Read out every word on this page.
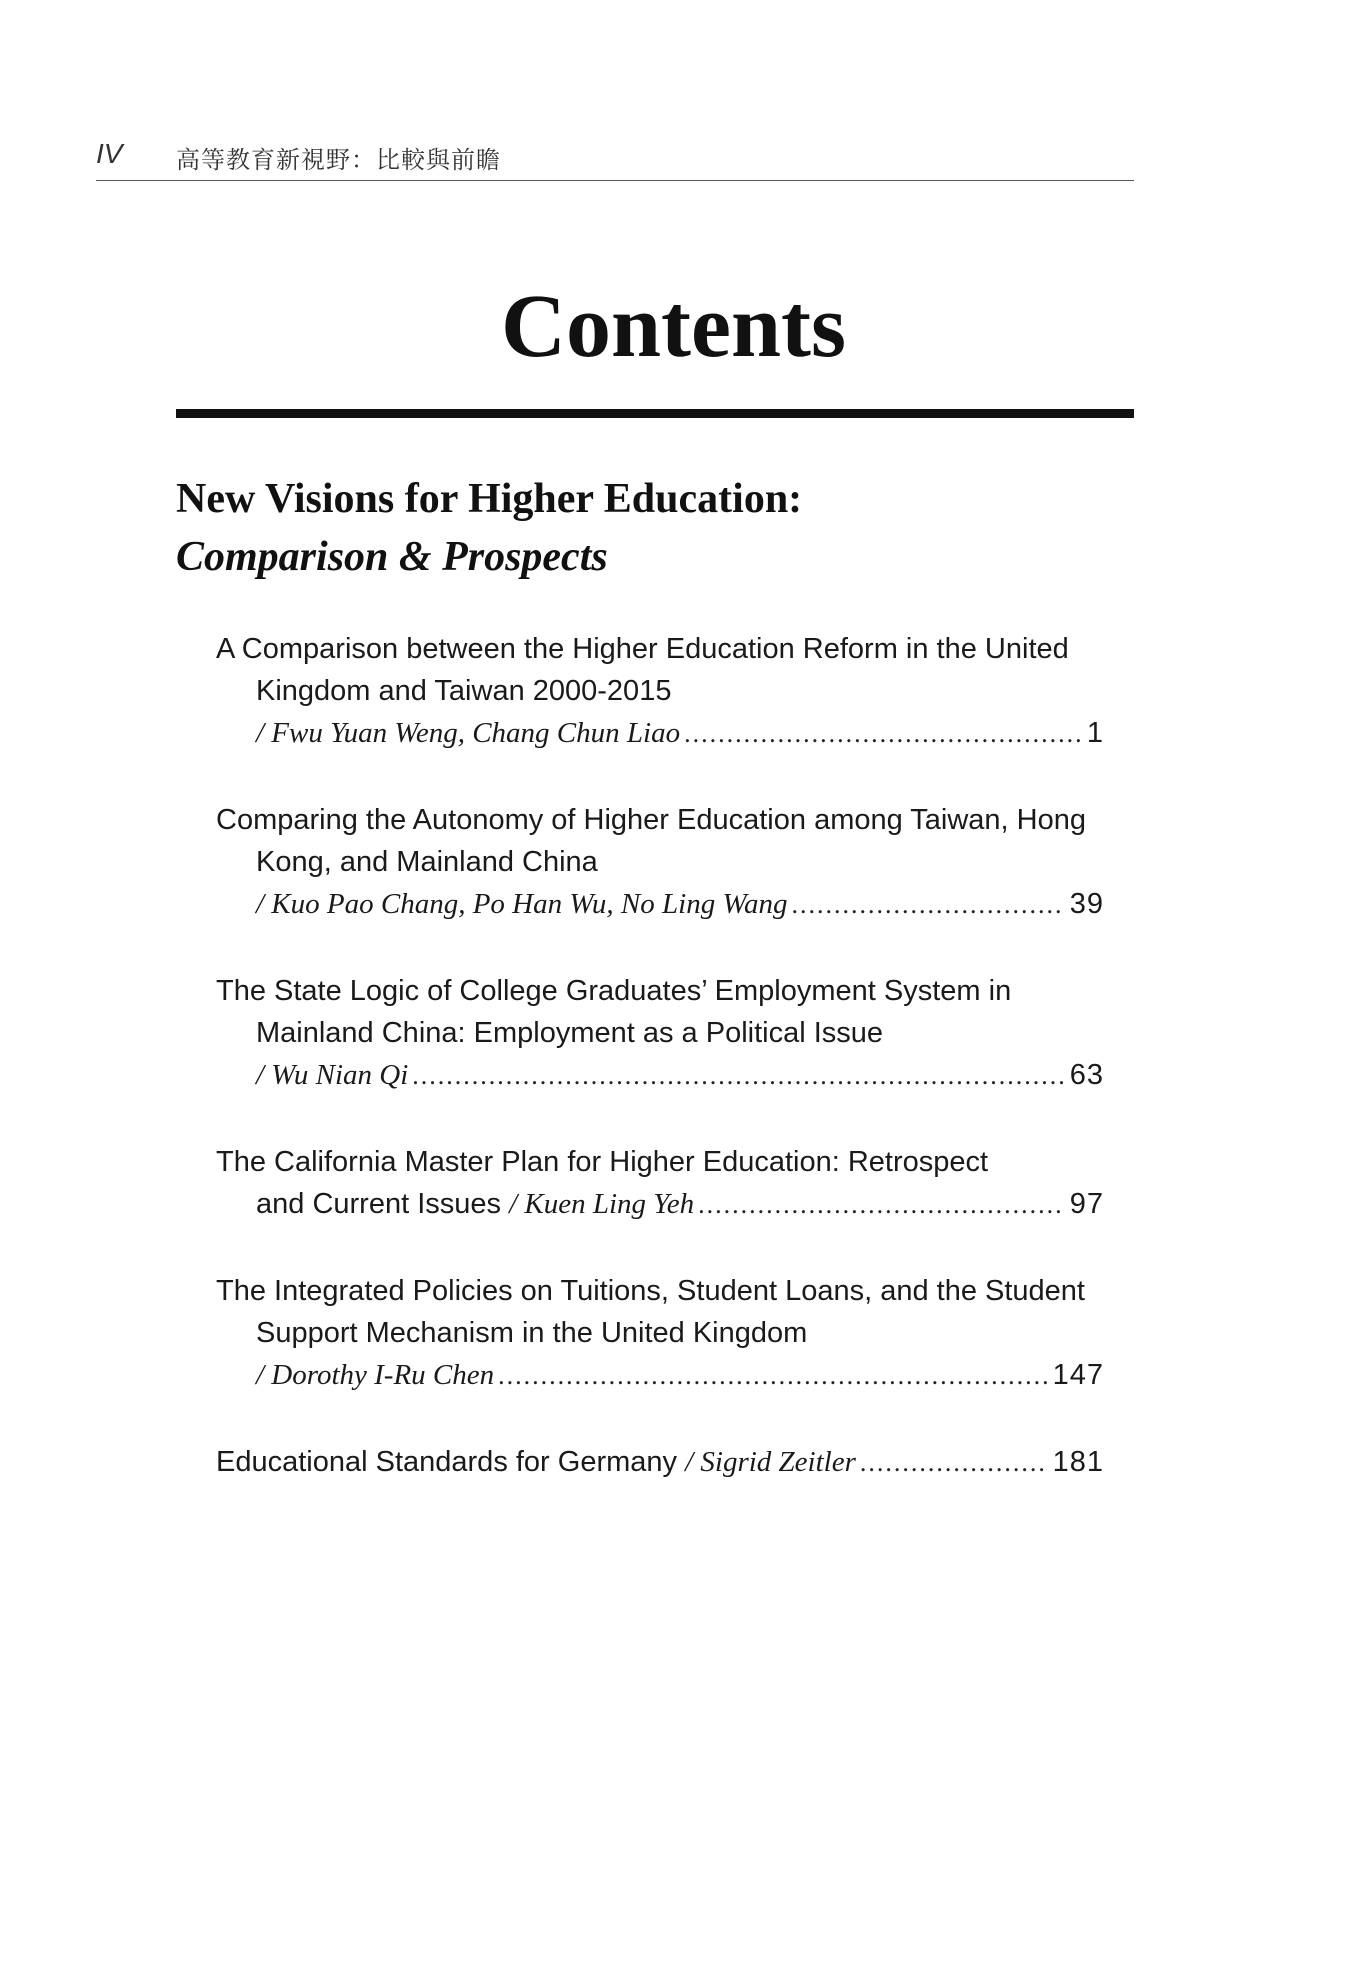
IV 高等教育新視野：比較與前瞻
Contents
New Visions for Higher Education:
Comparison & Prospects
A Comparison between the Higher Education Reform in the United Kingdom and Taiwan 2000-2015
/ Fwu Yuan Weng, Chang Chun Liao .....	1
Comparing the Autonomy of Higher Education among Taiwan, Hong Kong, and Mainland China
/ Kuo Pao Chang, Po Han Wu, No Ling Wang .....	39
The State Logic of College Graduates’ Employment System in Mainland China: Employment as a Political Issue
/ Wu Nian Qi .....	63
The California Master Plan for Higher Education: Retrospect
and Current Issues
/ Kuen Ling Yeh .....	97
The Integrated Policies on Tuitions, Student Loans, and the Student Support Mechanism in the United Kingdom
/ Dorothy I-Ru Chen .....	147
Educational Standards for Germany
/ Sigrid Zeitler .....	181
